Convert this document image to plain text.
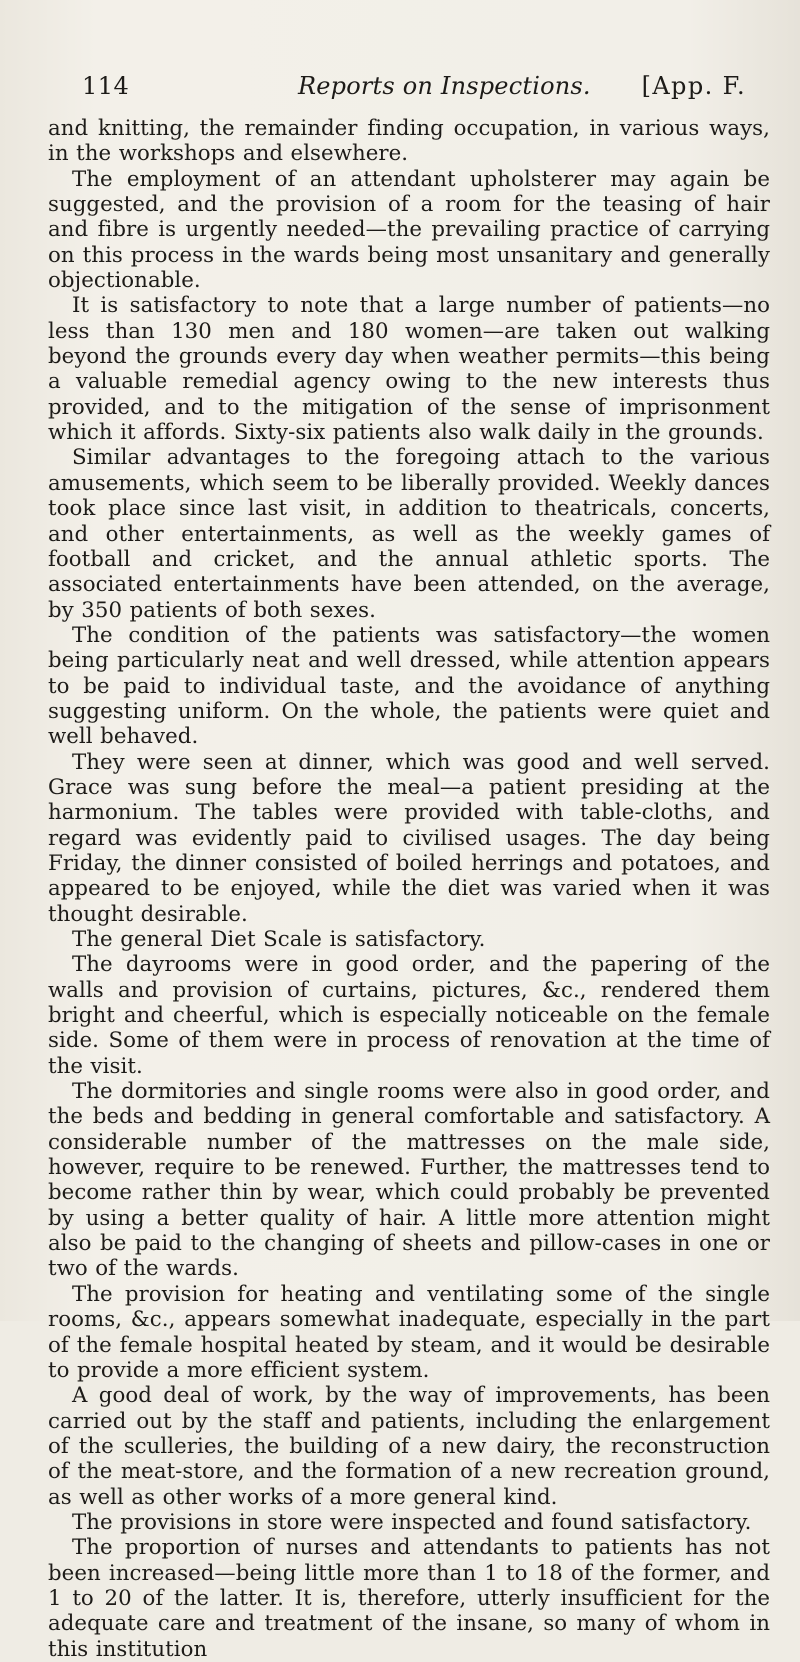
114	Reports on Inspections. [App. F.

and knitting, the remainder finding occupation, in various ways, in the workshops and elsewhere.

The employment of an attendant upholsterer may again be suggested, and the provision of a room for the teasing of hair and fibre is urgently needed—the prevailing practice of carrying on this process in the wards being most unsanitary and generally objectionable.

It is satisfactory to note that a large number of patients—no less than 130 men and 180 women—are taken out walking beyond the grounds every day when weather permits—this being a valuable remedial agency owing to the new interests thus provided, and to the mitigation of the sense of imprisonment which it affords. Sixty-six patients also walk daily in the grounds.

Similar advantages to the foregoing attach to the various amusements, which seem to be liberally provided. Weekly dances took place since last visit, in addition to theatricals, concerts, and other entertainments, as well as the weekly games of football and cricket, and the annual athletic sports. The associated entertainments have been attended, on the average, by 350 patients of both sexes.

The condition of the patients was satisfactory—the women being particularly neat and well dressed, while attention appears to be paid to individual taste, and the avoidance of anything suggesting uniform. On the whole, the patients were quiet and well behaved.

They were seen at dinner, which was good and well served. Grace was sung before the meal—a patient presiding at the harmonium. The tables were provided with table-cloths, and regard was evidently paid to civilised usages. The day being Friday, the dinner consisted of boiled herrings and potatoes, and appeared to be enjoyed, while the diet was varied when it was thought desirable.

The general Diet Scale is satisfactory.

The dayrooms were in good order, and the papering of the walls and provision of curtains, pictures, &c., rendered them bright and cheerful, which is especially noticeable on the female side. Some of them were in process of renovation at the time of the visit.

The dormitories and single rooms were also in good order, and the beds and bedding in general comfortable and satisfactory. A considerable number of the mattresses on the male side, however, require to be renewed. Further, the mattresses tend to become rather thin by wear, which could probably be prevented by using a better quality of hair. A little more attention might also be paid to the changing of sheets and pillow-cases in one or two of the wards.

The provision for heating and ventilating some of the single rooms, &c., appears somewhat inadequate, especially in the part of the female hospital heated by steam, and it would be desirable to provide a more efficient system.

A good deal of work, by the way of improvements, has been carried out by the staff and patients, including the enlargement of the sculleries, the building of a new dairy, the reconstruction of the meat-store, and the formation of a new recreation ground, as well as other works of a more general kind.

The provisions in store were inspected and found satisfactory.

The proportion of nurses and attendants to patients has not been increased—being little more than 1 to 18 of the former, and 1 to 20 of the latter. It is, therefore, utterly insufficient for the adequate care and treatment of the insane, so many of whom in this institution
